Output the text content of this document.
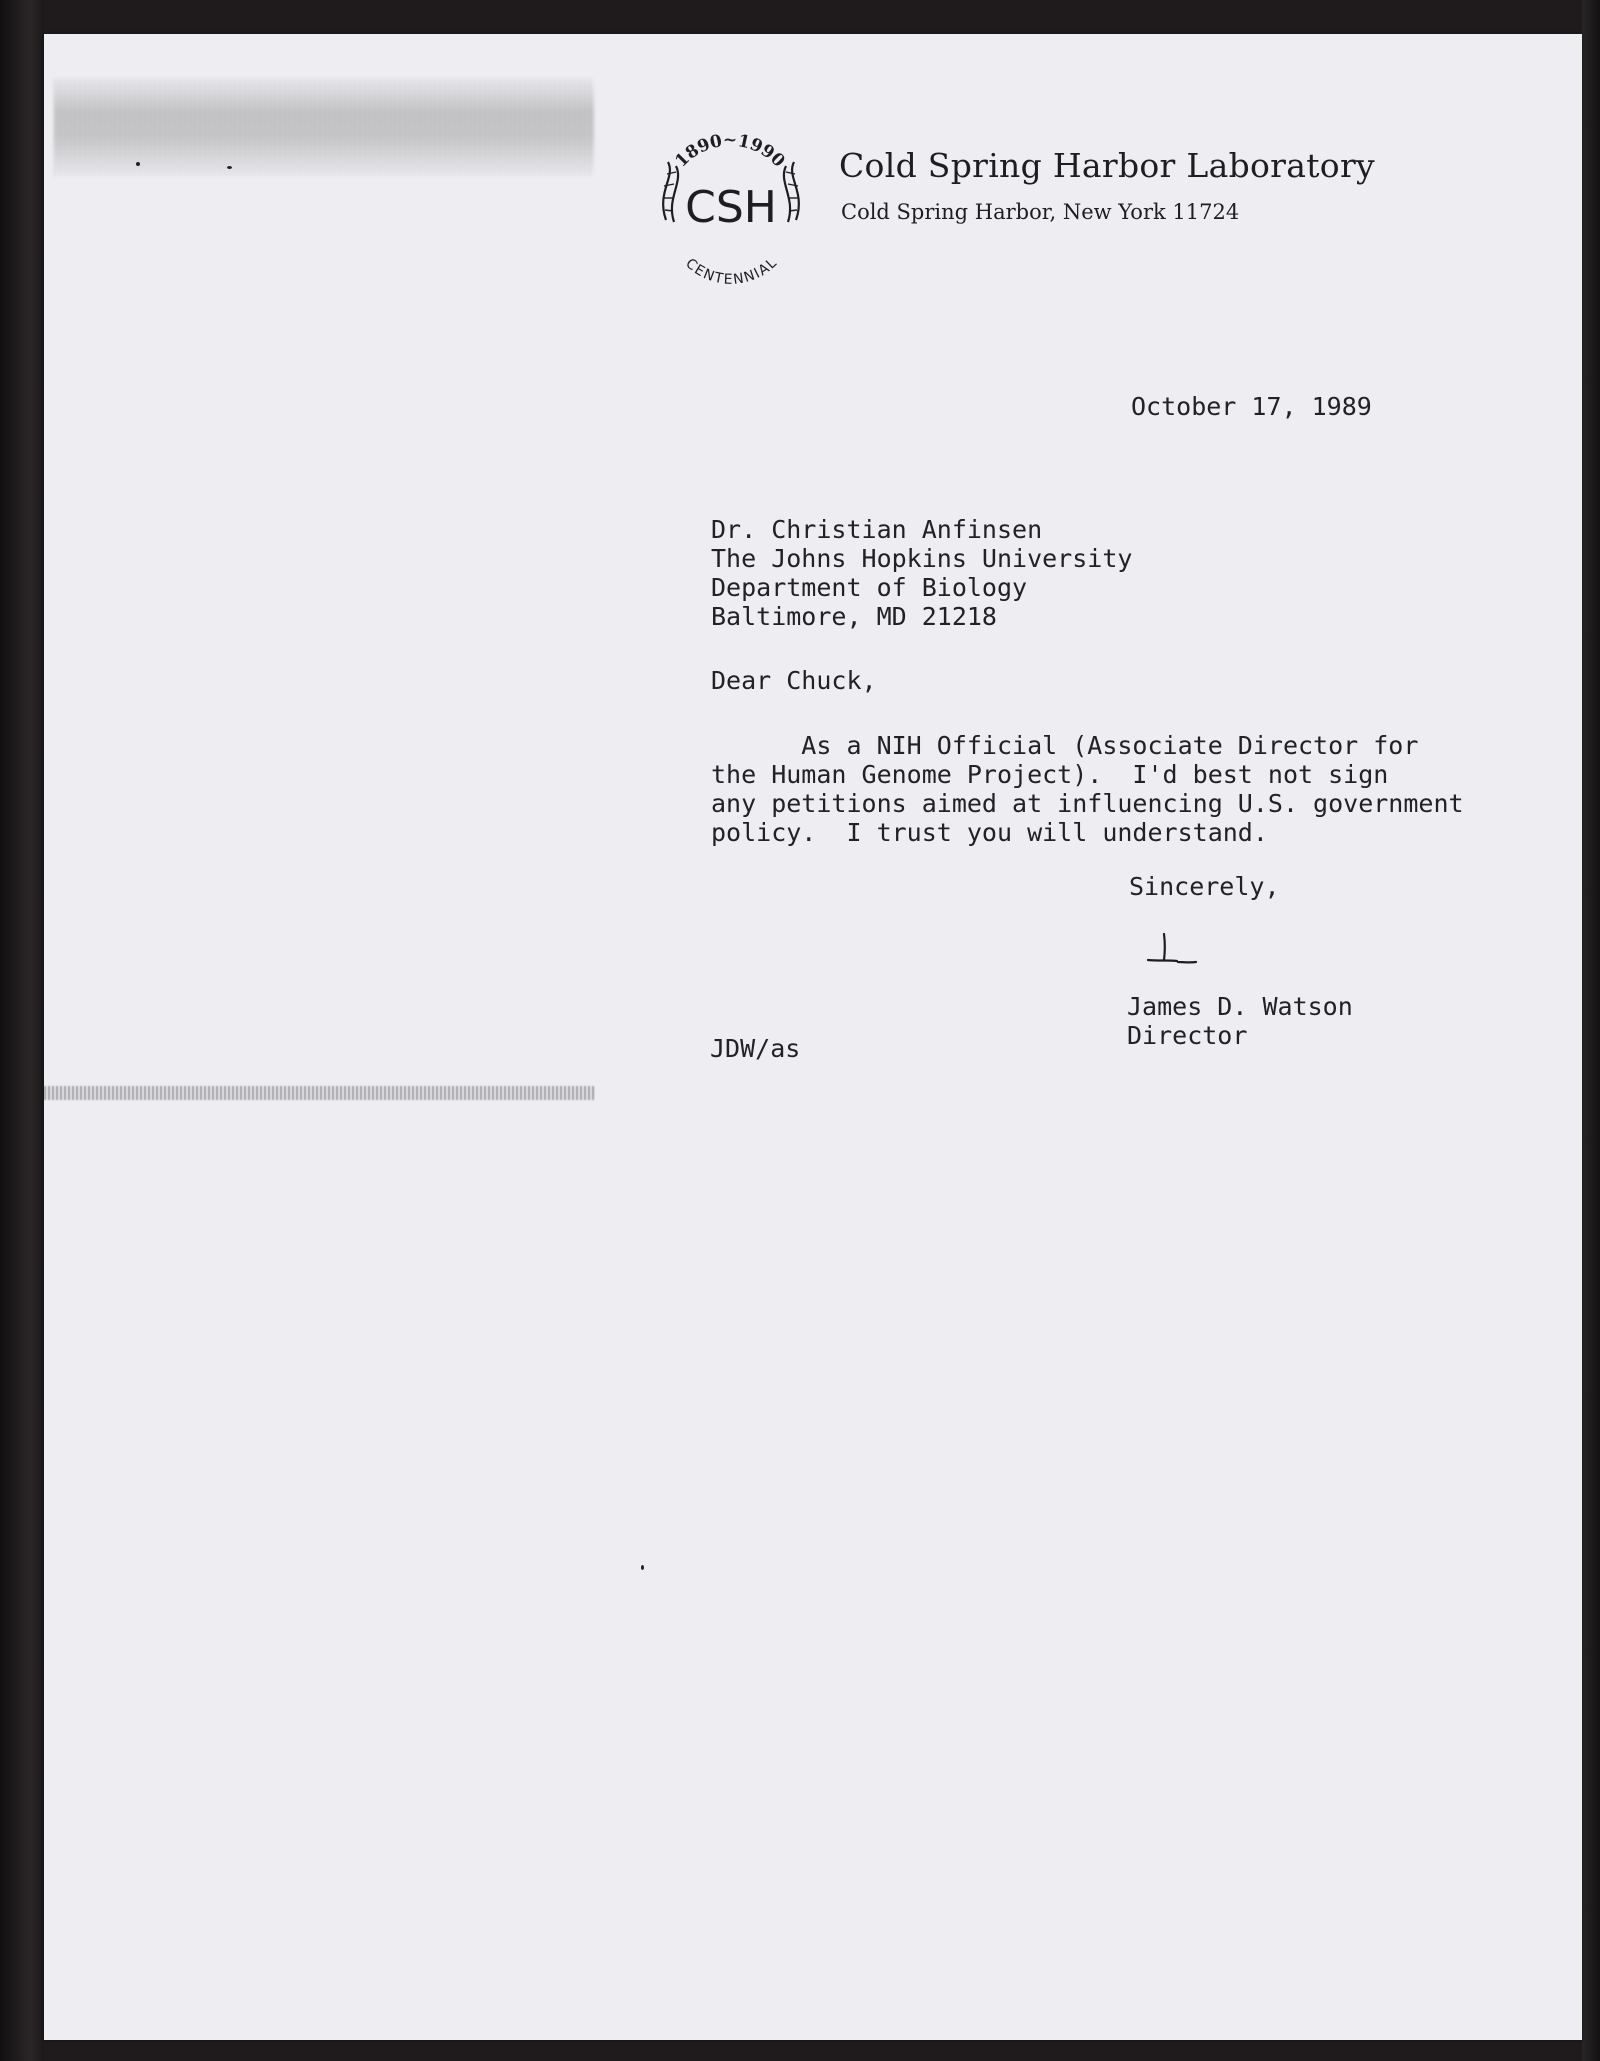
1890~1990
CSH
CENTENNIAL
Cold Spring Harbor Laboratory
Cold Spring Harbor, New York 11724
October 17, 1989
Dr. Christian Anfinsen
The Johns Hopkins University
Department of Biology
Baltimore, MD 21218
Dear Chuck,
As a NIH Official (Associate Director for
the Human Genome Project).  I'd best not sign
any petitions aimed at influencing U.S. government
policy.  I trust you will understand.
Sincerely,
James D. Watson
Director
JDW/as
